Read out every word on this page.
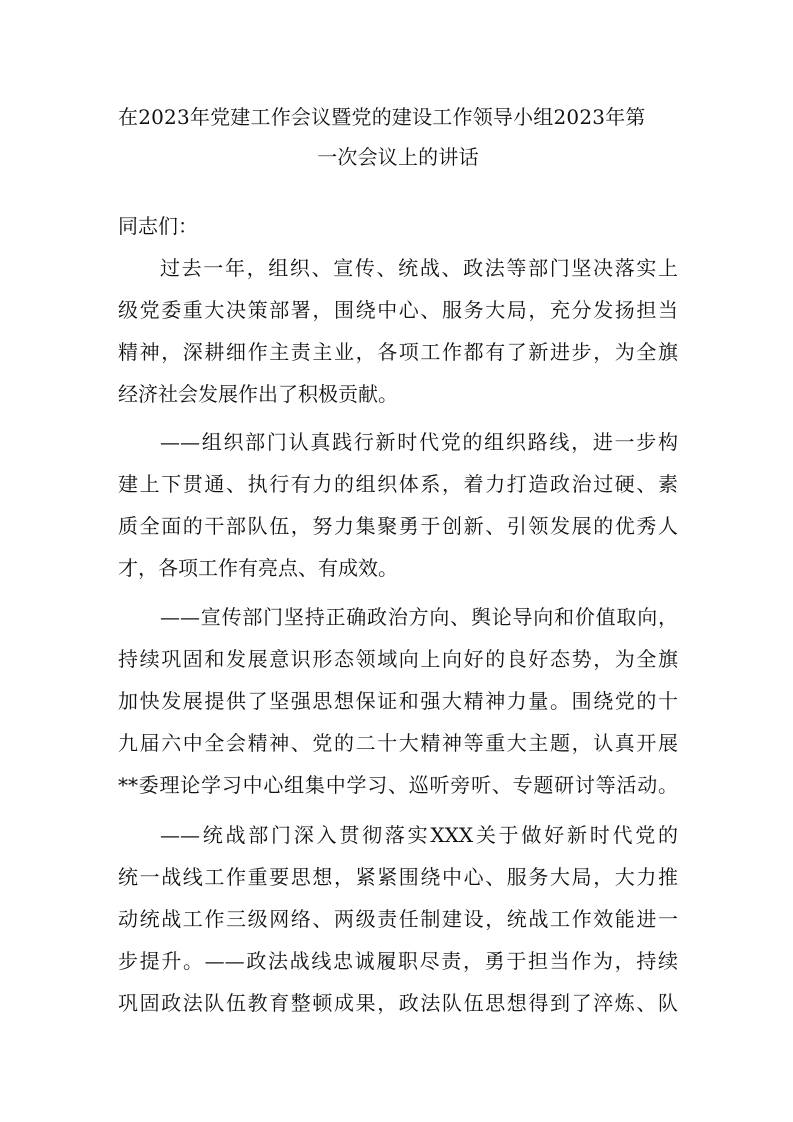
在2023年党建工作会议暨党的建设工作领导小组2023年第
一次会议上的讲话
同志们：
过去一年，组织、宣传、统战、政法等部门坚决落实上
级党委重大决策部署，围绕中心、服务大局，充分发扬担当
精神，深耕细作主责主业，各项工作都有了新进步，为全旗
经济社会发展作出了积极贡献。
——组织部门认真践行新时代党的组织路线，进一步构
建上下贯通、执行有力的组织体系，着力打造政治过硬、素
质全面的干部队伍，努力集聚勇于创新、引领发展的优秀人
才，各项工作有亮点、有成效。
——宣传部门坚持正确政治方向、舆论导向和价值取向，
持续巩固和发展意识形态领域向上向好的良好态势，为全旗
加快发展提供了坚强思想保证和强大精神力量。围绕党的十
九届六中全会精神、党的二十大精神等重大主题，认真开展
**委理论学习中心组集中学习、巡听旁听、专题研讨等活动。
——统战部门深入贯彻落实XXX关于做好新时代党的
统一战线工作重要思想，紧紧围绕中心、服务大局，大力推
动统战工作三级网络、两级责任制建设，统战工作效能进一
步提升。——政法战线忠诚履职尽责，勇于担当作为，持续
巩固政法队伍教育整顿成果，政法队伍思想得到了淬炼、队
